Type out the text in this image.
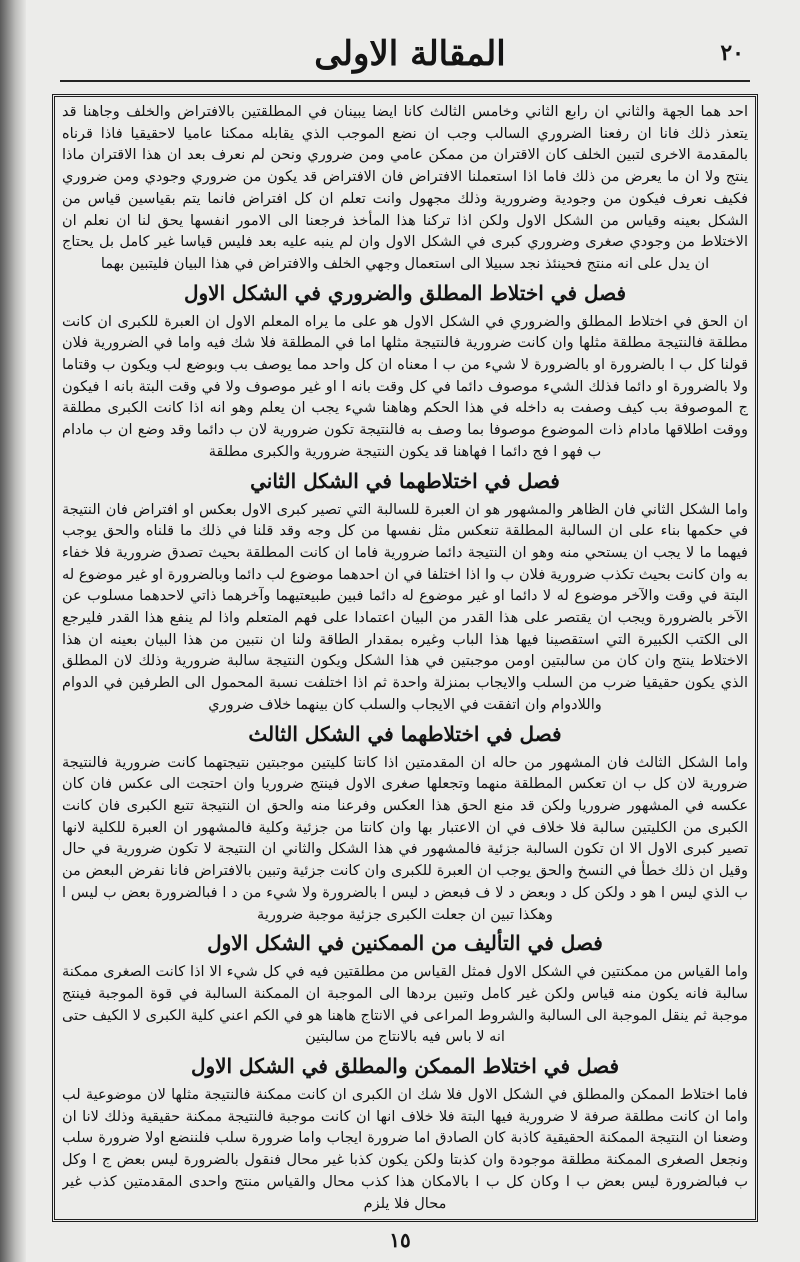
٢٠
المقالة الاولى

احد هما الجهة والثاني ان رابع الثاني وخامس الثالث كانا ايضا يبينان في المطلقتين بالافتراض والخلف وجاهنا قد يتعذر ذلك فانا ان رفعنا الضروري السالب وجب ان نضع الموجب الذي يقابله ممكنا عاميا لاحقيقيا فاذا قرناه بالمقدمة الاخرى لتبين الخلف كان الاقتران من ممكن عامي ومن ضروري ونحن لم نعرف بعد ان هذا الاقتران ماذا ينتج ولا ان ما يعرض من ذلك فاما اذا استعملنا الافتراض فان الافتراض قد يكون من ضروري وجودي ومن ضروري فكيف نعرف فيكون من وجودية وضرورية وذلك مجهول وانت تعلم ان كل افتراض فانما يتم بقياسين قياس من الشكل بعينه وقياس من الشكل الاول ولكن اذا تركنا هذا المأخذ فرجعنا الى الامور انفسها يحق لنا ان نعلم ان الاختلاط من وجودي صغرى وضروري كبرى في الشكل الاول وان لم ينبه عليه بعد فليس قياسا غير كامل بل يحتاج ان يدل على انه منتج فحينئذ نجد سبيلا الى استعمال وجهي الخلف والافتراض في هذا البيان فليتبين بهما

فصل في اختلاط المطلق والضروري في الشكل الاول

ان الحق في اختلاط المطلق والضروري في الشكل الاول هو على ما يراه المعلم الاول ان العبرة للكبرى ان كانت مطلقة فالنتيجة مطلقة مثلها وان كانت ضرورية فالنتيجة مثلها اما في المطلقة فلا شك فيه واما في الضرورية فلان قولنا كل ب ا بالضرورة او بالضرورة لا شيء من ب ا معناه ان كل واحد مما يوصف بب وبوضع لب ويكون ب وقتاما ولا بالضرورة او دائما فذلك الشيء موصوف دائما في كل وقت بانه ا او غير موصوف ولا في وقت البتة بانه ا فيكون ج الموصوفة بب كيف وصفت به داخله في هذا الحكم وهاهنا شيء يجب ان يعلم وهو انه اذا كانت الكبرى مطلقة ووقت اطلاقها مادام ذات الموضوع موصوفا بما وصف به فالنتيجة تكون ضرورية لان ب دائما وقد وضع ان ب مادام ب فهو ا فج دائما ا فهاهنا قد يكون النتيجة ضرورية والكبرى مطلقة

فصل في اختلاطهما في الشكل الثاني

واما الشكل الثاني فان الظاهر والمشهور هو ان العبرة للسالبة التي تصير كبرى الاول بعكس او افتراض فان النتيجة في حكمها بناء على ان السالبة المطلقة تنعكس مثل نفسها من كل وجه وقد قلنا في ذلك ما قلناه والحق يوجب فيهما ما لا يجب ان يستحي منه وهو ان النتيجة دائما ضرورية فاما ان كانت المطلقة بحيث تصدق ضرورية فلا خفاء به وان كانت بحيث تكذب ضرورية فلان ب وا اذا اختلفا في ان احدهما موضوع لب دائما وبالضرورة او غير موضوع له البتة في وقت والآخر موضوع له لا دائما او غير موضوع له دائما فبين طبيعتيهما وآخرهما ذاتي لاحدهما مسلوب عن الآخر بالضرورة ويجب ان يقتصر على هذا القدر من البيان اعتمادا على فهم المتعلم واذا لم ينفع هذا القدر فليرجع الى الكتب الكبيرة التي استقصينا فيها هذا الباب وغيره بمقدار الطاقة ولنا ان نتبين من هذا البيان بعينه ان هذا الاختلاط ينتج وان كان من سالبتين اومن موجبتين في هذا الشكل ويكون النتيجة سالبة ضرورية وذلك لان المطلق الذي يكون حقيقيا ضرب من السلب والايجاب بمنزلة واحدة ثم اذا اختلفت نسبة المحمول الى الطرفين في الدوام واللادوام وان اتفقت في الايجاب والسلب كان بينهما خلاف ضروري

فصل في اختلاطهما في الشكل الثالث

واما الشكل الثالث فان المشهور من حاله ان المقدمتين اذا كانتا كليتين موجبتين نتيجتهما كانت ضرورية فالنتيجة ضرورية لان كل ب ان تعكس المطلقة منهما وتجعلها صغرى الاول فينتج ضروريا وان احتجت الى عكس فان كان عكسه في المشهور ضروريا ولكن قد منع الحق هذا العكس وفرعنا منه والحق ان النتيجة تتبع الكبرى فان كانت الكبرى من الكليتين سالبة فلا خلاف في ان الاعتبار بها وان كانتا من جزئية وكلية فالمشهور ان العبرة للكلية لانها تصير كبرى الاول الا ان تكون السالبة جزئية فالمشهور في هذا الشكل والثاني ان النتيجة لا تكون ضرورية في حال وقيل ان ذلك خطأ في النسخ والحق يوجب ان العبرة للكبرى وان كانت جزئية وتبين بالافتراض فانا نفرض البعض من ب الذي ليس ا هو د ولكن كل د وبعض د لا ف فبعض د ليس ا بالضرورة ولا شيء من د ا فبالضرورة بعض ب ليس ا وهكذا تبين ان جعلت الكبرى جزئية موجبة ضرورية

فصل في التأليف من الممكنين في الشكل الاول

واما القياس من ممكنتين في الشكل الاول فمثل القياس من مطلقتين فيه في كل شيء الا اذا كانت الصغرى ممكنة سالبة فانه يكون منه قياس ولكن غير كامل وتبين بردها الى الموجبة ان الممكنة السالبة في قوة الموجبة فينتج موجبة ثم ينقل الموجبة الى السالبة والشروط المراعى في الانتاج هاهنا هو في الكم اعني كلية الكبرى لا الكيف حتى انه لا باس فيه بالانتاج من سالبتين

فصل في اختلاط الممكن والمطلق في الشكل الاول

فاما اختلاط الممكن والمطلق في الشكل الاول فلا شك ان الكبرى ان كانت ممكنة فالنتيجة مثلها لان موضوعية لب واما ان كانت مطلقة صرفة لا ضرورية فيها البتة فلا خلاف انها ان كانت موجبة فالنتيجة ممكنة حقيقية وذلك لانا ان وضعنا ان النتيجة الممكنة الحقيقية كاذبة كان الصادق اما ضرورة ايجاب واما ضرورة سلب فلننضع اولا ضرورة سلب ونجعل الصغرى الممكنة مطلقة موجودة وان كذبتا ولكن يكون كذبا غير محال فنقول بالضرورة ليس بعض ج ا وكل ب فبالضرورة ليس بعض ب ا وكان كل ب ا بالامكان هذا كذب محال والقياس منتج واحدى المقدمتين كذب غير محال فلا يلزم

١٥
